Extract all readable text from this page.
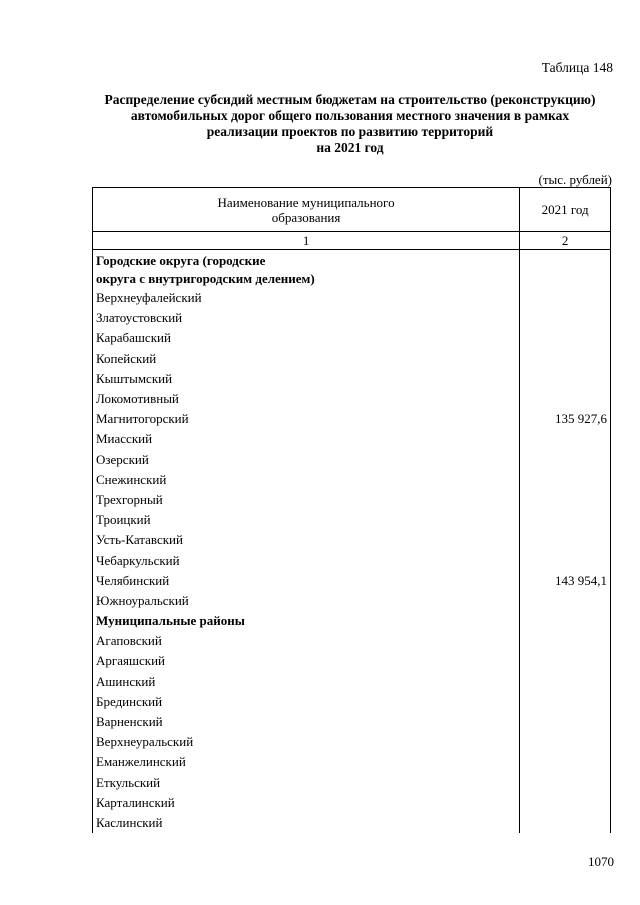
Таблица 148
Распределение субсидий местным бюджетам на строительство (реконструкцию)
автомобильных дорог общего пользования местного значения в рамках
реализации проектов по развитию территорий
на 2021 год
(тыс. рублей)
Наименование муниципального
образования	2021 год
1	2

Городские округа (городские
округа с внутригородским делением)	

Верхнеуфалейский	
Златоустовский	
Карабашский	
Копейский	
Кыштымский	
Локомотивный	
Магнитогорский	135 927,6
Миасский	
Озерский	
Снежинский	
Трехгорный	
Троицкий	
Усть-Катавский	
Чебаркульский	
Челябинский	143 954,1
Южноуральский	
Муниципальные районы	
Агаповский	
Аргаяшский	
Ашинский	
Брединский	
Варненский	
Верхнеуральский	
Еманжелинский	
Еткульский	
Карталинский	
Каслинский	
1070
